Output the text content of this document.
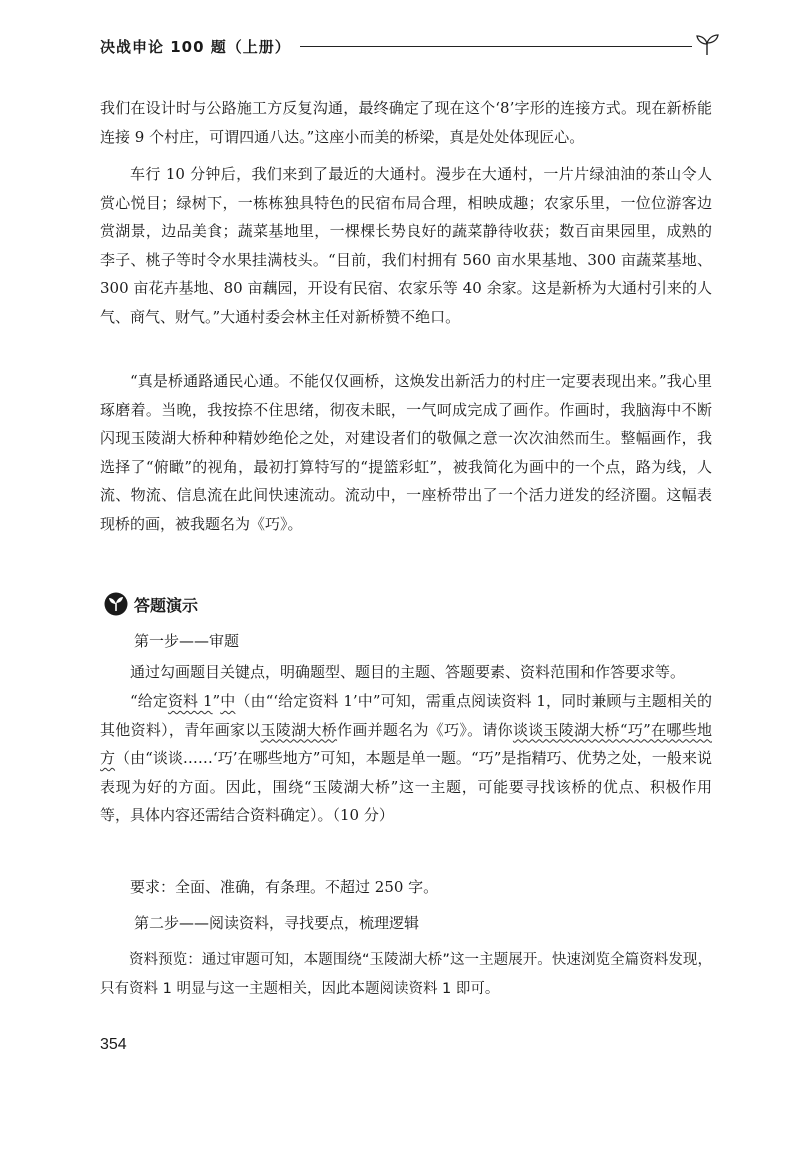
决战申论 100 题（上册）

我们在设计时与公路施工方反复沟通，最终确定了现在这个‘8’字形的连接方式。现在新桥能连接 9 个村庄，可谓四通八达。”这座小而美的桥梁，真是处处体现匠心。

车行 10 分钟后，我们来到了最近的大通村。漫步在大通村，一片片绿油油的茶山令人赏心悦目；绿树下，一栋栋独具特色的民宿布局合理，相映成趣；农家乐里，一位位游客边赏湖景，边品美食；蔬菜基地里，一棵棵长势良好的蔬菜静待收获；数百亩果园里，成熟的李子、桃子等时令水果挂满枝头。“目前，我们村拥有 560 亩水果基地、300 亩蔬菜基地、300 亩花卉基地、80 亩藕园，开设有民宿、农家乐等 40 余家。这是新桥为大通村引来的人气、商气、财气。”大通村委会林主任对新桥赞不绝口。

“真是桥通路通民心通。不能仅仅画桥，这焕发出新活力的村庄一定要表现出来。”我心里琢磨着。当晚，我按捺不住思绪，彻夜未眠，一气呵成完成了画作。作画时，我脑海中不断闪现玉陵湖大桥种种精妙绝伦之处，对建设者们的敬佩之意一次次油然而生。整幅画作，我选择了“俯瞰”的视角，最初打算特写的“提篮彩虹”，被我简化为画中的一个点，路为线，人流、物流、信息流在此间快速流动。流动中，一座桥带出了一个活力迸发的经济圈。这幅表现桥的画，被我题名为《巧》。

答题演示
第一步——审题

通过勾画题目关键点，明确题型、题目的主题、答题要素、资料范围和作答要求等。

“给定资料 1”中（由“‘给定资料 1’中”可知，需重点阅读资料 1，同时兼顾与主题相关的其他资料），青年画家以玉陵湖大桥作画并题名为《巧》。请你谈谈玉陵湖大桥“巧”在哪些地方（由“谈谈……‘巧’在哪些地方”可知，本题是单一题。“巧”是指精巧、优势之处，一般来说表现为好的方面。因此，围绕“玉陵湖大桥”这一主题，可能要寻找该桥的优点、积极作用等，具体内容还需结合资料确定）。（10 分）

要求：全面、准确，有条理。不超过 250 字。

第二步——阅读资料，寻找要点，梳理逻辑

资料预览：通过审题可知，本题围绕“玉陵湖大桥”这一主题展开。快速浏览全篇资料发现，只有资料 1 明显与这一主题相关，因此本题阅读资料 1 即可。

354
